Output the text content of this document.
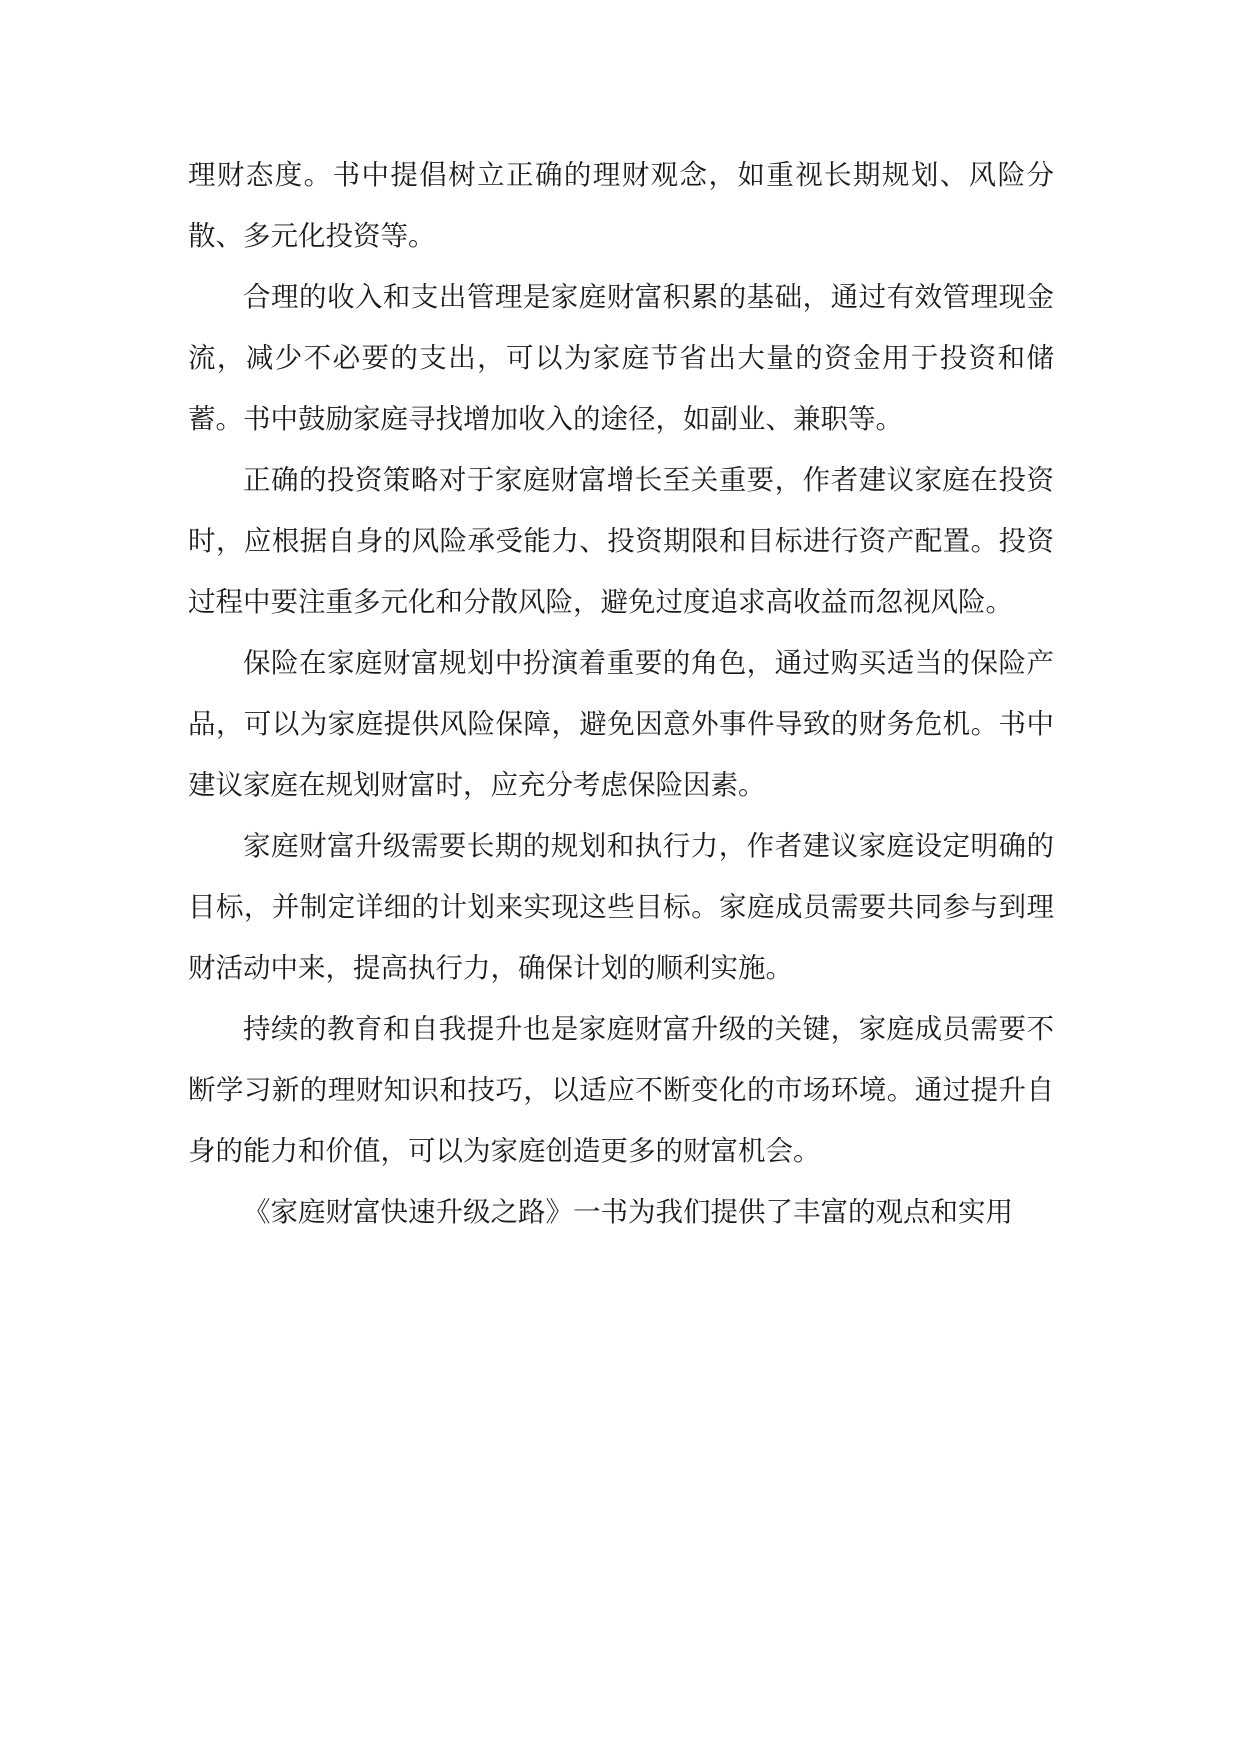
理财态度。书中提倡树立正确的理财观念，如重视长期规划、风险分散、多元化投资等。

合理的收入和支出管理是家庭财富积累的基础，通过有效管理现金流，减少不必要的支出，可以为家庭节省出大量的资金用于投资和储蓄。书中鼓励家庭寻找增加收入的途径，如副业、兼职等。

正确的投资策略对于家庭财富增长至关重要，作者建议家庭在投资时，应根据自身的风险承受能力、投资期限和目标进行资产配置。投资过程中要注重多元化和分散风险，避免过度追求高收益而忽视风险。

保险在家庭财富规划中扮演着重要的角色，通过购买适当的保险产品，可以为家庭提供风险保障，避免因意外事件导致的财务危机。书中建议家庭在规划财富时，应充分考虑保险因素。

家庭财富升级需要长期的规划和执行力，作者建议家庭设定明确的目标，并制定详细的计划来实现这些目标。家庭成员需要共同参与到理财活动中来，提高执行力，确保计划的顺利实施。

持续的教育和自我提升也是家庭财富升级的关键，家庭成员需要不断学习新的理财知识和技巧，以适应不断变化的市场环境。通过提升自身的能力和价值，可以为家庭创造更多的财富机会。

《家庭财富快速升级之路》一书为我们提供了丰富的观点和实用
